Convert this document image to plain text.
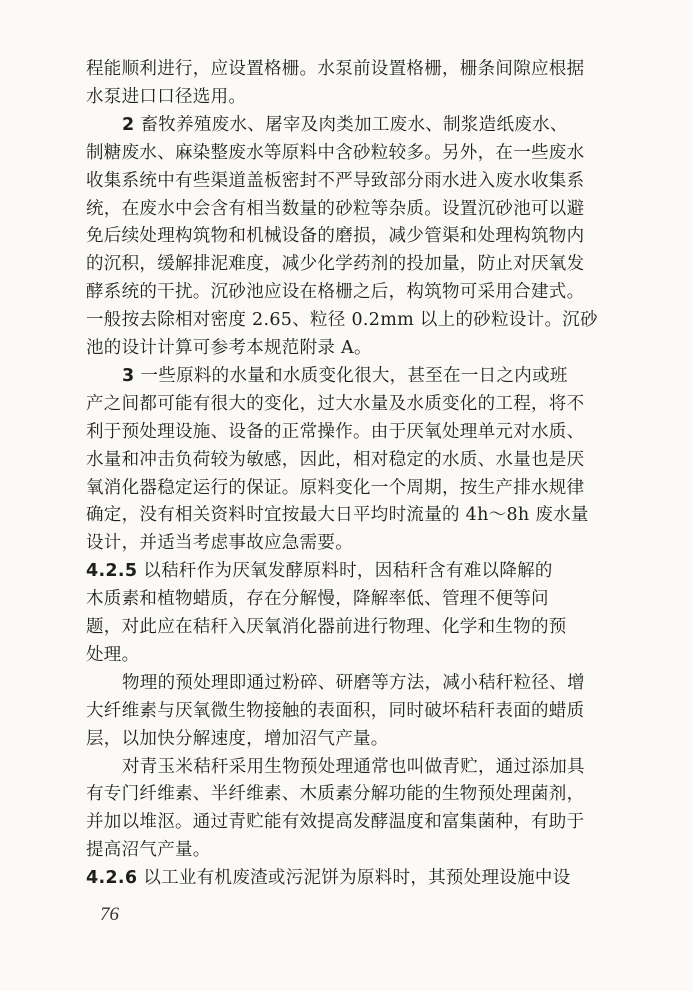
程能顺利进行，应设置格栅。水泵前设置格栅，栅条间隙应根据
水泵进口口径选用。
2 畜牧养殖废水、屠宰及肉类加工废水、制浆造纸废水、
制糖废水、麻染整废水等原料中含砂粒较多。另外，在一些废水
收集系统中有些渠道盖板密封不严导致部分雨水进入废水收集系
统，在废水中会含有相当数量的砂粒等杂质。设置沉砂池可以避
免后续处理构筑物和机械设备的磨损，减少管渠和处理构筑物内
的沉积，缓解排泥难度，减少化学药剂的投加量，防止对厌氧发
酵系统的干扰。沉砂池应设在格栅之后，构筑物可采用合建式。
一般按去除相对密度 2.65、粒径 0.2mm 以上的砂粒设计。沉砂
池的设计计算可参考本规范附录 A。
3 一些原料的水量和水质变化很大，甚至在一日之内或班
产之间都可能有很大的变化，过大水量及水质变化的工程，将不
利于预处理设施、设备的正常操作。由于厌氧处理单元对水质、
水量和冲击负荷较为敏感，因此，相对稳定的水质、水量也是厌
氧消化器稳定运行的保证。原料变化一个周期，按生产排水规律
确定，没有相关资料时宜按最大日平均时流量的 4h～8h 废水量
设计，并适当考虑事故应急需要。
4.2.5 以秸秆作为厌氧发酵原料时，因秸秆含有难以降解的
木质素和植物蜡质，存在分解慢，降解率低、管理不便等问
题，对此应在秸秆入厌氧消化器前进行物理、化学和生物的预
处理。
物理的预处理即通过粉碎、研磨等方法，减小秸秆粒径、增
大纤维素与厌氧微生物接触的表面积，同时破坏秸秆表面的蜡质
层，以加快分解速度，增加沼气产量。
对青玉米秸秆采用生物预处理通常也叫做青贮，通过添加具
有专门纤维素、半纤维素、木质素分解功能的生物预处理菌剂，
并加以堆沤。通过青贮能有效提高发酵温度和富集菌种，有助于
提高沼气产量。
4.2.6 以工业有机废渣或污泥饼为原料时，其预处理设施中设
76
